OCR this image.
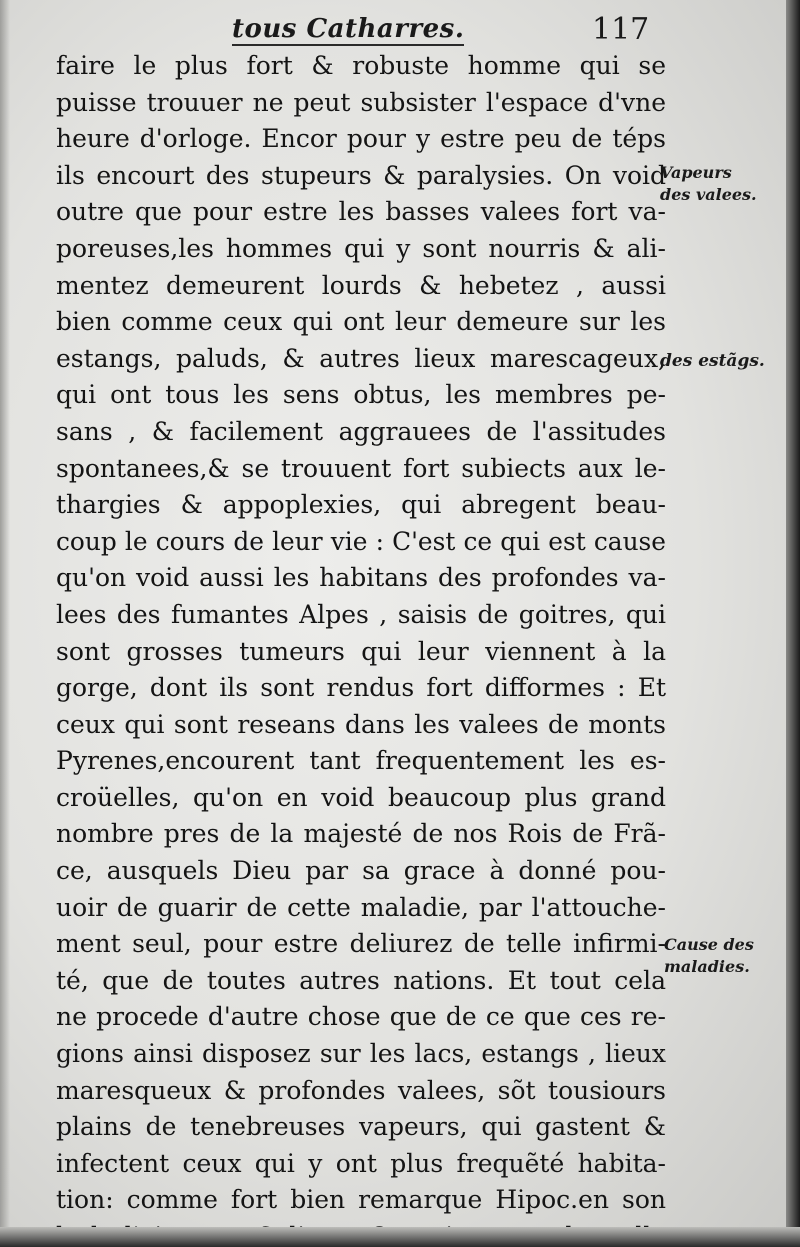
tous Catharres.	117
faire le plus fort & robuste homme qui se
puisse trouuer ne peut subsister l'espace d'vne
heure d'orloge. Encor pour y estre peu de téps
ils encourt des stupeurs & paralysies. On void
outre que pour estre les basses valees fort va-
poreuses,les hommes qui y sont nourris & ali-
mentez demeurent lourds & hebetez , aussi
bien comme ceux qui ont leur demeure sur les
estangs, paluds, & autres lieux marescageux,
qui ont tous les sens obtus, les membres pe-
sans , & facilement aggrauees de l'assitudes
spontanees,& se trouuent fort subiects aux le-
thargies & appoplexies, qui abregent beau-
coup le cours de leur vie : C'est ce qui est cause
qu'on void aussi les habitans des profondes va-
lees des fumantes Alpes , saisis de goitres, qui
sont grosses tumeurs qui leur viennent à la
gorge, dont ils sont rendus fort difformes : Et
ceux qui sont reseans dans les valees de monts
Pyrenes,encourent tant frequentement les es-
croüelles, qu'on en void beaucoup plus grand
nombre pres de la majesté de nos Rois de Frã-
ce, ausquels Dieu par sa grace à donné pou-
uoir de guarir de cette maladie, par l'attouche-
ment seul, pour estre deliurez de telle infirmi-
té, que de toutes autres nations. Et tout cela
ne procede d'autre chose que de ce que ces re-
gions ainsi disposez sur les lacs, estangs , lieux
maresqueux & profondes valees, sõt tousiours
plains de tenebreuses vapeurs, qui gastent &
infectent ceux qui y ont plus frequẽté habita-
tion: comme fort bien remarque Hipoc.en son
Vapeurs
des valees.
des estãgs.
Cause des
maladies.
